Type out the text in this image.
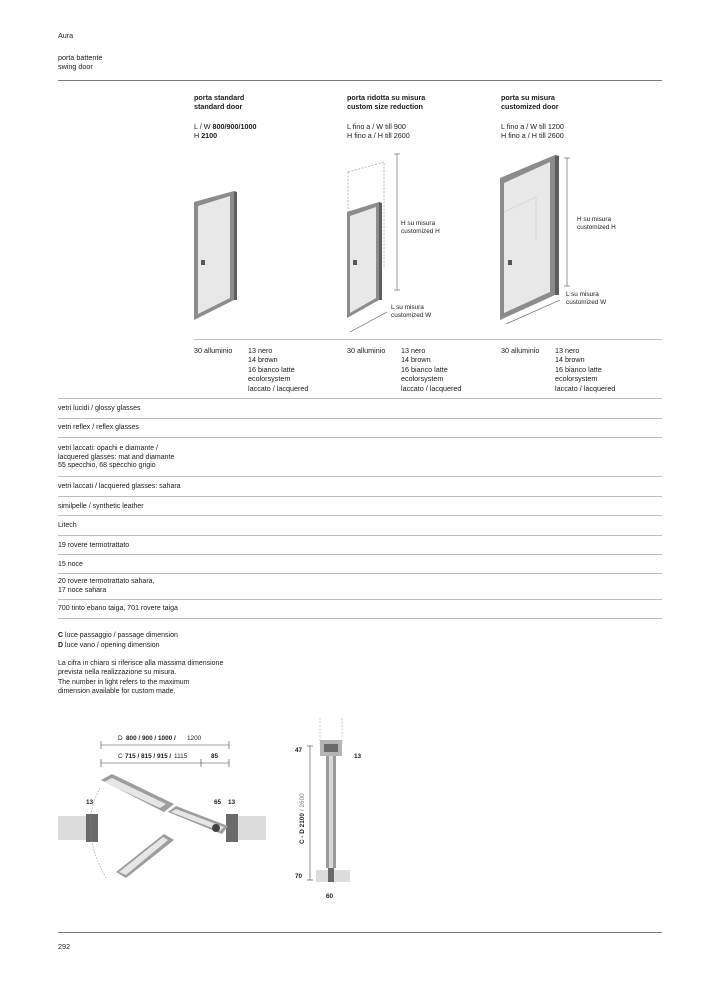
Aura
porta battente
swing door
porta standard
standard door
L / W 800/900/1000
H 2100
porta ridotta su misura
custom size reduction
L fino a / W till 900
H fino a / H till 2600
porta su misura
customized door
L fino a / W till 1200
H fino a / H till 2600
H su misura
customized H
L su misura
customized W
H su misura
customized H
L su misura
customized W
30 alluminio 13 nero
14 brown
16 bianco latte
ecolorsystem
laccato / lacquered
30 alluminio 13 nero
14 brown
16 bianco latte
ecolorsystem
laccato / lacquered
30 alluminio 13 nero
14 brown
16 bianco latte
ecolorsystem
laccato / lacquered
vetri lucidi / glossy glasses
vetri reflex / reflex glasses
vetri laccati: opachi e diamante /
lacquered glasses: mat and diamante
55 specchio, 68 specchio grigio
vetri laccati / lacquered glasses: sahara
similpelle / synthetic leather
Litech
19 rovere termotrattato
15 noce
20 rovere termotrattato sahara,
17 noce sahara
700 tinto ebano taiga, 701 rovere taiga
C luce passaggio / passage dimension
D luce vano / opening dimension
La cifra in chiaro si riferisce alla massima dimensione
prevista nella realizzazione su misura.
The number in light refers to the maximum
dimension available for custom made.
D 800 / 900 / 1000 / 1200
C 715 / 815 / 915 / 1115	85
13	65 13
47
13
70
60
C - D 2100/ 2600
292
